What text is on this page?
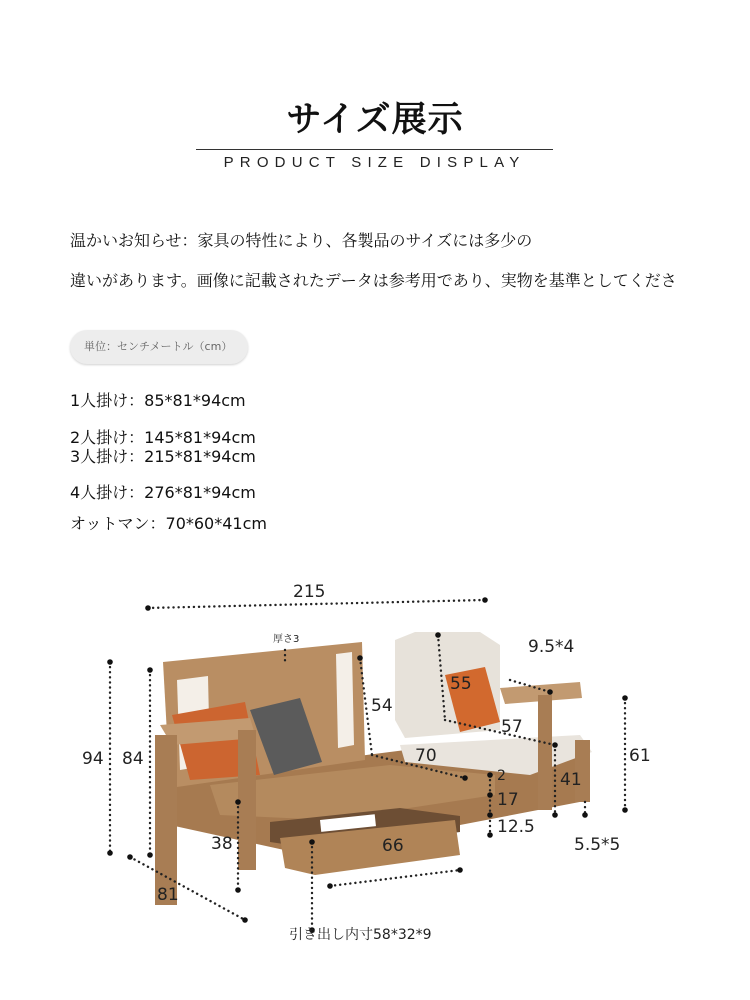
サイズ展示
PRODUCT SIZE DISPLAY
温かいお知らせ：家具の特性により、各製品のサイズには多少の
違いがあります。画像に記載されたデータは参考用であり、実物を基準としてくださ
単位：センチメートル（cm）
1人掛け：85*81*94cm
2人掛け：145*81*94cm
3人掛け：215*81*94cm
4人掛け：276*81*94cm
オットマン：70*60*41cm
215
厚さ3	9.5*4
54
55
57
70
94 84	61
41
2
17
12.5
5.5*5
38	66
81
引き出し内寸58*32*9
